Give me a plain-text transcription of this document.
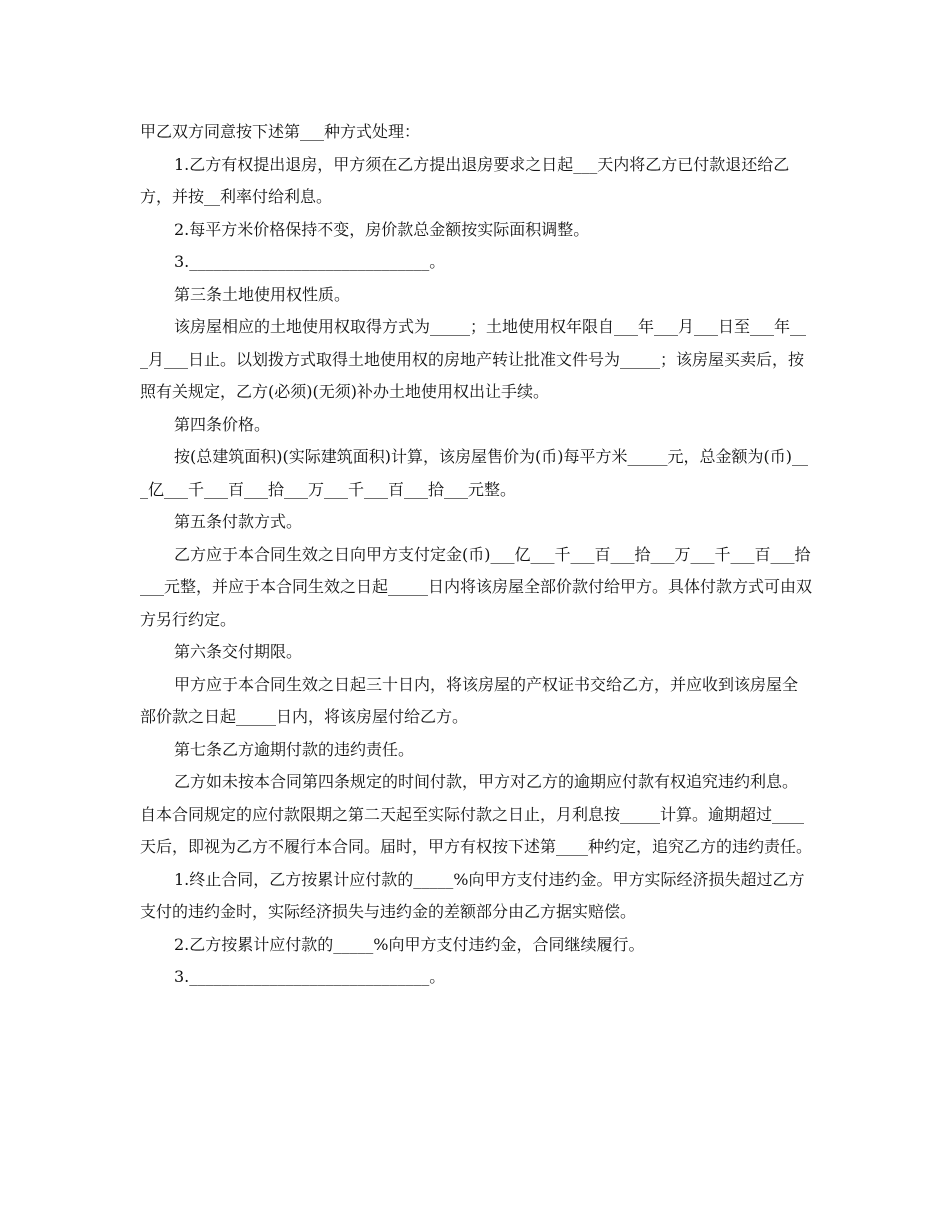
甲乙双方同意按下述第___种方式处理：

1.乙方有权提出退房，甲方须在乙方提出退房要求之日起___天内将乙方已付款退还给乙方，并按__利率付给利息。

2.每平方米价格保持不变，房价款总金额按实际面积调整。

3.______________________________。

第三条土地使用权性质。

该房屋相应的土地使用权取得方式为_____；土地使用权年限自___年___月___日至___年___月___日止。以划拨方式取得土地使用权的房地产转让批准文件号为_____；该房屋买卖后，按照有关规定，乙方(必须)(无须)补办土地使用权出让手续。

第四条价格。

按(总建筑面积)(实际建筑面积)计算，该房屋售价为(币)每平方米_____元，总金额为(币)___亿___千___百___拾___万___千___百___拾___元整。

第五条付款方式。

乙方应于本合同生效之日向甲方支付定金(币)___亿___千___百___拾___万___千___百___拾___元整，并应于本合同生效之日起_____日内将该房屋全部价款付给甲方。具体付款方式可由双方另行约定。

第六条交付期限。

甲方应于本合同生效之日起三十日内，将该房屋的产权证书交给乙方，并应收到该房屋全部价款之日起_____日内，将该房屋付给乙方。

第七条乙方逾期付款的违约责任。

乙方如未按本合同第四条规定的时间付款，甲方对乙方的逾期应付款有权追究违约利息。自本合同规定的应付款限期之第二天起至实际付款之日止，月利息按_____计算。逾期超过____天后，即视为乙方不履行本合同。届时，甲方有权按下述第____种约定，追究乙方的违约责任。

1.终止合同，乙方按累计应付款的_____%向甲方支付违约金。甲方实际经济损失超过乙方支付的违约金时，实际经济损失与违约金的差额部分由乙方据实赔偿。

2.乙方按累计应付款的_____%向甲方支付违约金，合同继续履行。

3.______________________________。
